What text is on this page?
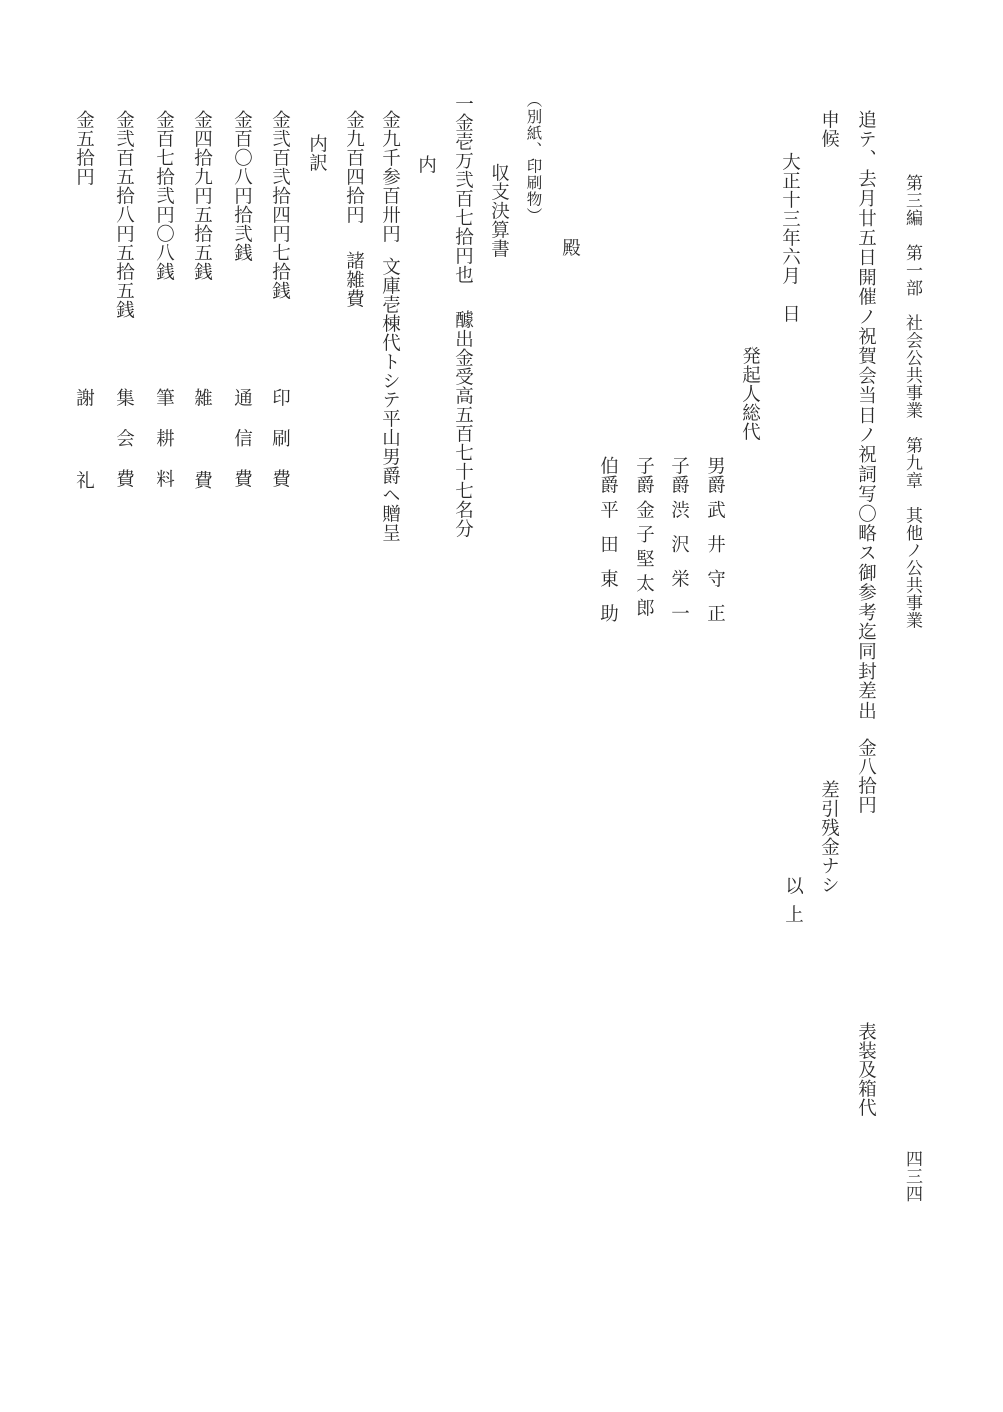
第三編　第一部　社会公共事業　第九章　其他ノ公共事業
四三四
追テ、去月廿五日開催ノ祝賀会当日ノ祝詞写〇略ス御参考迄同封差出
申候
大正十三年六月　日
発起人総代
男爵武井守正
子爵渋沢栄一
子爵金子堅太郎
伯爵平田東助
殿
（別紙、印刷物）
収支決算書
一金壱万弐百七拾円也醵出金受高五百七十七名分
内
金九千参百卅円文庫壱棟代トシテ平山男爵ヘ贈呈
金九百四拾円諸雑費
内訳
金弐百弐拾四円七拾銭
印刷費
金百〇八円拾弐銭
通信費
金四拾九円五拾五銭
雑費
金百七拾弐円〇八銭
筆耕料
金弐百五拾八円五拾五銭
集会費
金五拾円
謝礼
金八拾円
表装及箱代
差引残金ナシ
以上
